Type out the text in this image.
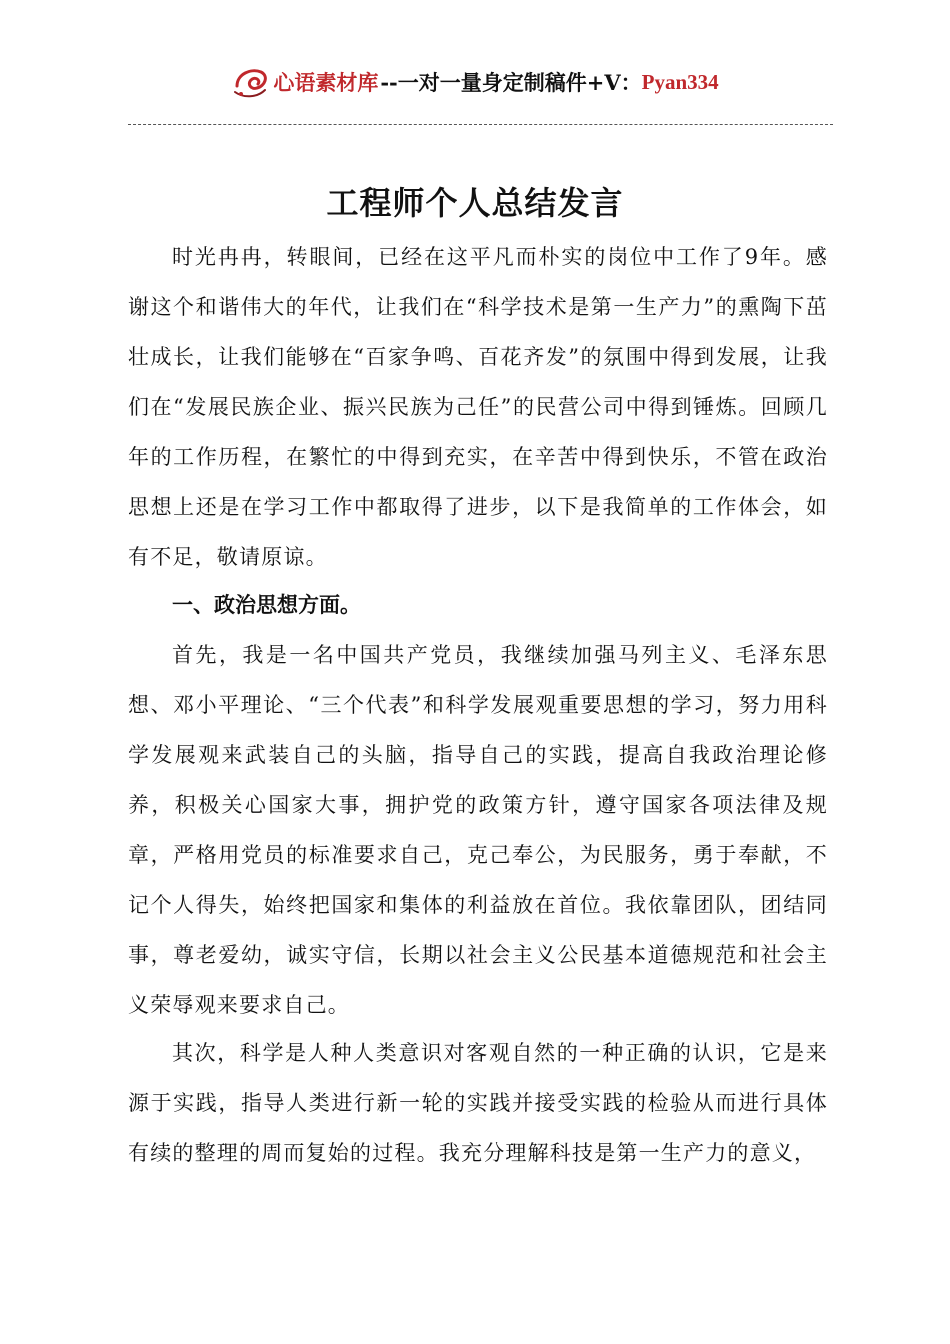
心语素材库 --一对一量身定制稿件+V： Pyan334
工程师个人总结发言

时光冉冉，转眼间，已经在这平凡而朴实的岗位中工作了9年。感谢这个和谐伟大的年代，让我们在“科学技术是第一生产力”的熏陶下茁壮成长，让我们能够在“百家争鸣、百花齐发”的氛围中得到发展，让我们在“发展民族企业、振兴民族为己任”的民营公司中得到锤炼。回顾几年的工作历程，在繁忙的中得到充实，在辛苦中得到快乐，不管在政治思想上还是在学习工作中都取得了进步，以下是我简单的工作体会，如有不足，敬请原谅。

一、政治思想方面。

首先，我是一名中国共产党员，我继续加强马列主义、毛泽东思想、邓小平理论、“三个代表”和科学发展观重要思想的学习，努力用科学发展观来武装自己的头脑，指导自己的实践，提高自我政治理论修养，积极关心国家大事，拥护党的政策方针，遵守国家各项法律及规章，严格用党员的标准要求自己，克己奉公，为民服务，勇于奉献，不记个人得失，始终把国家和集体的利益放在首位。我依靠团队，团结同事，尊老爱幼，诚实守信，长期以社会主义公民基本道德规范和社会主义荣辱观来要求自己。

其次，科学是人种人类意识对客观自然的一种正确的认识，它是来源于实践，指导人类进行新一轮的实践并接受实践的检验从而进行具体有续的整理的周而复始的过程。我充分理解科技是第一生产力的意义，
